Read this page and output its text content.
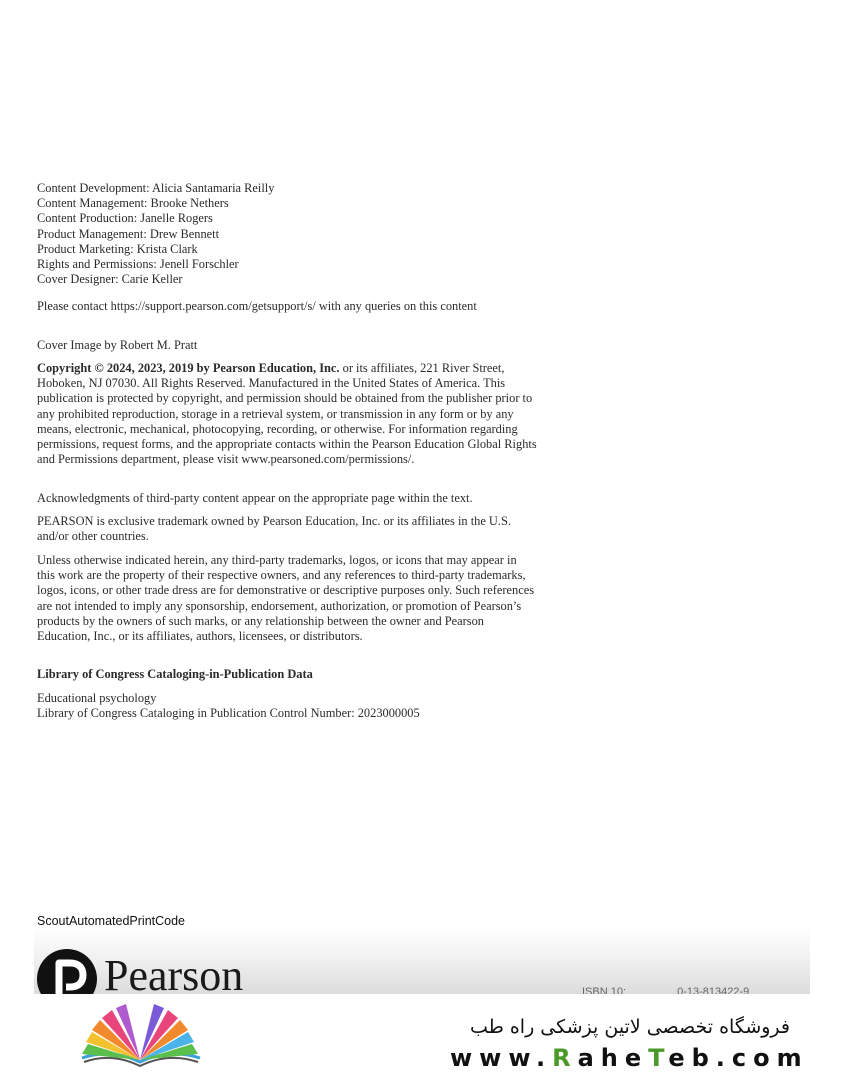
Content Development: Alicia Santamaria Reilly
Content Management: Brooke Nethers
Content Production: Janelle Rogers
Product Management: Drew Bennett
Product Marketing: Krista Clark
Rights and Permissions: Jenell Forschler
Cover Designer: Carie Keller
Please contact https://support.pearson.com/getsupport/s/ with any queries on this content
Cover Image by Robert M. Pratt
Copyright © 2024, 2023, 2019 by Pearson Education, Inc. or its affiliates, 221 River Street, Hoboken, NJ 07030. All Rights Reserved. Manufactured in the United States of America. This publication is protected by copyright, and permission should be obtained from the publisher prior to any prohibited reproduction, storage in a retrieval system, or transmission in any form or by any means, electronic, mechanical, photocopying, recording, or otherwise. For information regarding permissions, request forms, and the appropriate contacts within the Pearson Education Global Rights and Permissions department, please visit www.pearsoned.com/permissions/.
Acknowledgments of third-party content appear on the appropriate page within the text.
PEARSON is exclusive trademark owned by Pearson Education, Inc. or its affiliates in the U.S. and/or other countries.
Unless otherwise indicated herein, any third-party trademarks, logos, or icons that may appear in this work are the property of their respective owners, and any references to third-party trademarks, logos, icons, or other trade dress are for demonstrative or descriptive purposes only. Such references are not intended to imply any sponsorship, endorsement, authorization, or promotion of Pearson’s products by the owners of such marks, or any relationship between the owner and Pearson Education, Inc., or its affiliates, authors, licensees, or distributors.
Library of Congress Cataloging-in-Publication Data
Educational psychology
Library of Congress Cataloging in Publication Control Number: 2023000005
ScoutAutomatedPrintCode
Pearson	ISBN 10:	0-13-813422-9
فروشگاه تخصصی لاتین پزشکی راه طب
www.RaheTeb.com
